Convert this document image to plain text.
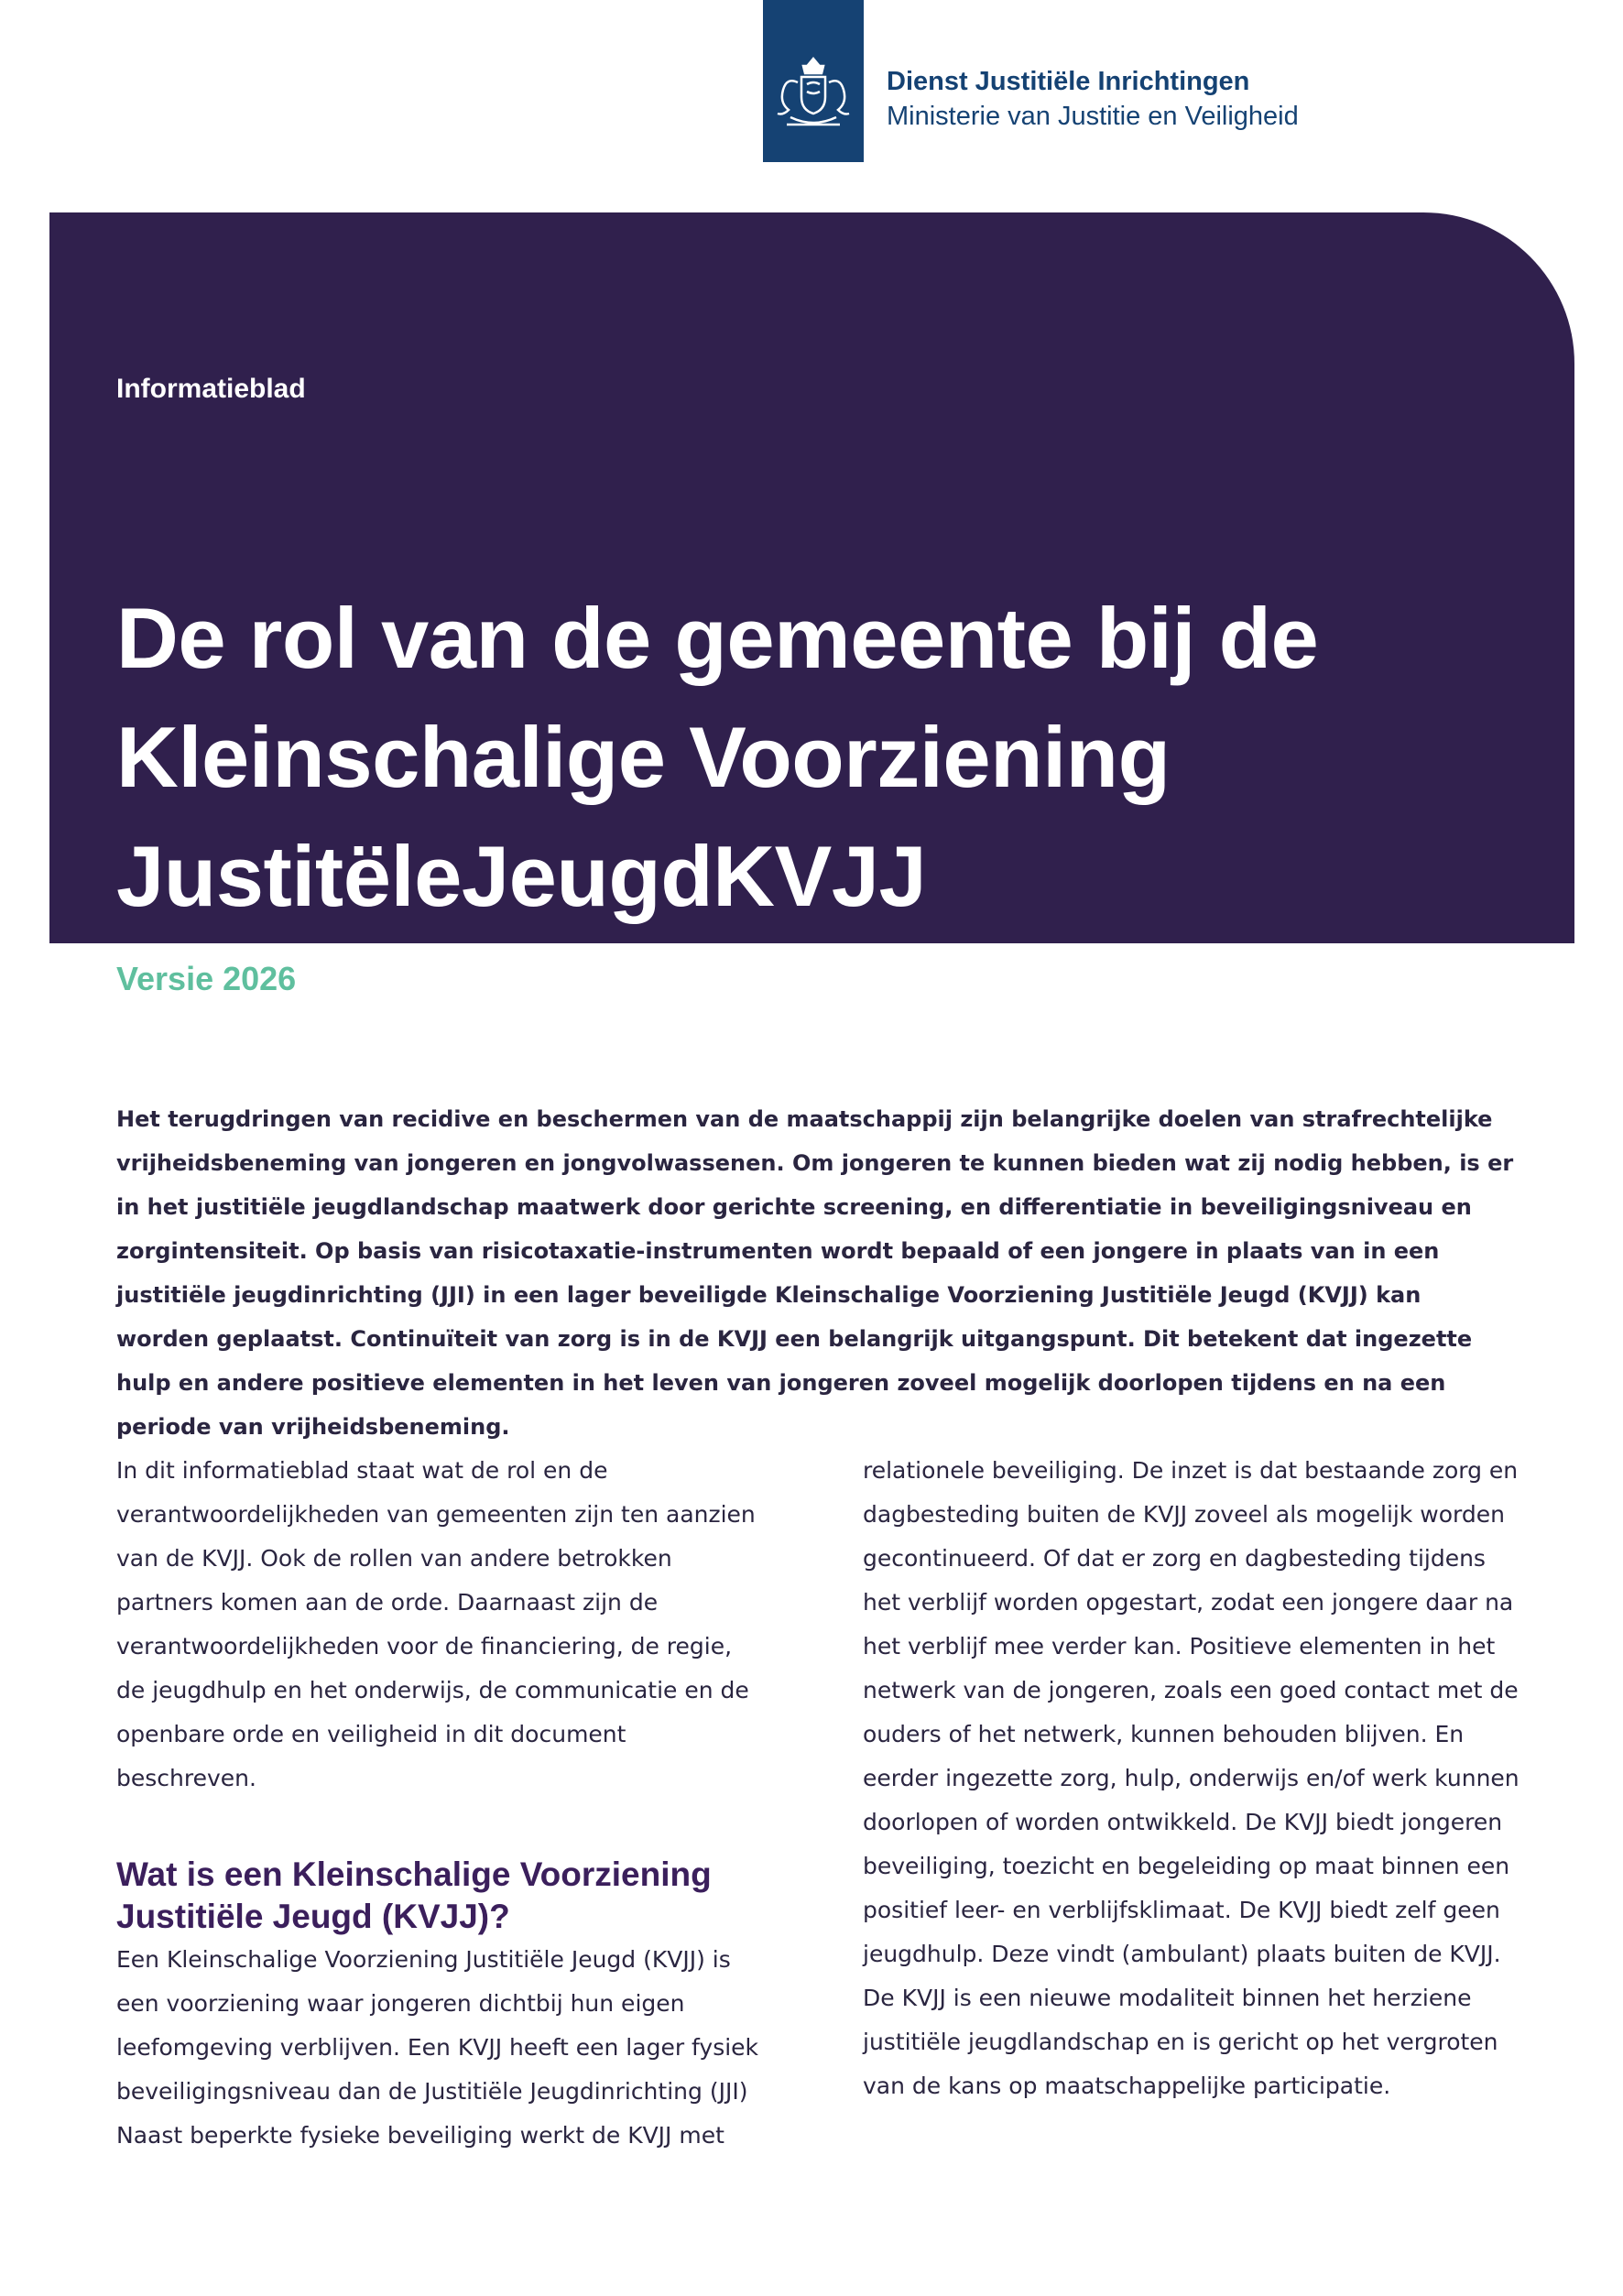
Dienst Justitiële Inrichtingen
Ministerie van Justitie en Veiligheid
Informatieblad
De rol van de gemeente bij de Kleinschalige Voorziening JustitëleJeugdKVJJ
Versie 2026

Het terugdringen van recidive en beschermen van de maatschappij zijn belangrijke doelen van strafrechtelijke vrijheidsbeneming van jongeren en jongvolwassenen. Om jongeren te kunnen bieden wat zij nodig hebben, is er in het justitiële jeugdlandschap maatwerk door gerichte screening, en differentiatie in beveiligingsniveau en zorgintensiteit. Op basis van risicotaxatie-instrumenten wordt bepaald of een jongere in plaats van in een justitiële jeugdinrichting (JJI) in een lager beveiligde Kleinschalige Voorziening Justitiële Jeugd (KVJJ) kan worden geplaatst. Continuïteit van zorg is in de KVJJ een belangrijk uitgangspunt. Dit betekent dat ingezette hulp en andere positieve elementen in het leven van jongeren zoveel mogelijk doorlopen tijdens en na een periode van vrijheidsbeneming.

In dit informatieblad staat wat de rol en de verantwoordelijkheden van gemeenten zijn ten aanzien van de KVJJ. Ook de rollen van andere betrokken partners komen aan de orde. Daarnaast zijn de verantwoordelijkheden voor de financiering, de regie, de jeugdhulp en het onderwijs, de communicatie en de openbare orde en veiligheid in dit document beschreven.

Wat is een Kleinschalige Voorziening Justitiële Jeugd (KVJJ)?

Een Kleinschalige Voorziening Justitiële Jeugd (KVJJ) is een voorziening waar jongeren dichtbij hun eigen leefomgeving verblijven. Een KVJJ heeft een lager fysiek beveiligingsniveau dan de Justitiële Jeugdinrichting (JJI) Naast beperkte fysieke beveiliging werkt de KVJJ met

relationele beveiliging. De inzet is dat bestaande zorg en dagbesteding buiten de KVJJ zoveel als mogelijk worden gecontinueerd. Of dat er zorg en dagbesteding tijdens het verblijf worden opgestart, zodat een jongere daar na het verblijf mee verder kan. Positieve elementen in het netwerk van de jongeren, zoals een goed contact met de ouders of het netwerk, kunnen behouden blijven. En eerder ingezette zorg, hulp, onderwijs en/of werk kunnen doorlopen of worden ontwikkeld. De KVJJ biedt jongeren beveiliging, toezicht en begeleiding op maat binnen een positief leer- en verblijfsklimaat. De KVJJ biedt zelf geen jeugdhulp. Deze vindt (ambulant) plaats buiten de KVJJ. De KVJJ is een nieuwe modaliteit binnen het herziene justitiële jeugdlandschap en is gericht op het vergroten van de kans op maatschappelijke participatie.
